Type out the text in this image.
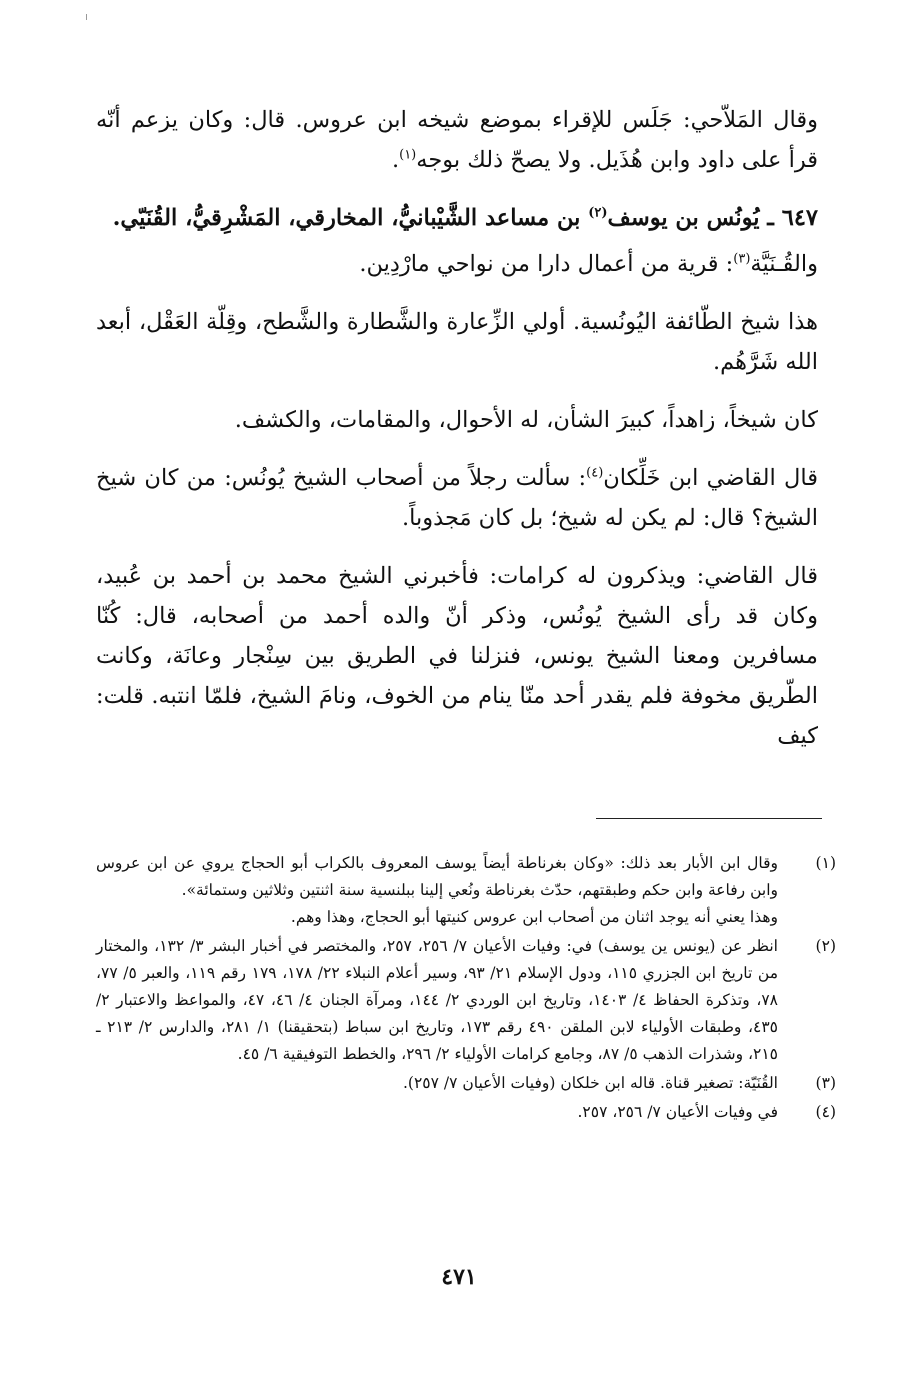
وقال المَلاّحي: جَلَس للإقراء بموضع شيخه ابن عروس. قال: وكان يزعم أنّه قرأ على داود وابن هُذَيل. ولا يصحّ ذلك بوجه$^{(١)}$.

٦٤٧ ـ يُونُس بن يوسف$^{(٢)}$ بن مساعد الشَّيْبانيُّ، المخارقي، المَشْرِقيُّ، القُنَيّي.

والقُـنَيَّة$^{(٣)}$: قرية من أعمال دارا من نواحي مارْدِين.

هذا شيخ الطّائفة اليُونُسية. أولي الزِّعارة والشَّطارة والشَّطح، وقِلّة العَقْل، أبعد الله شَرَّهُم.

كان شيخاً، زاهداً، كبيرَ الشأن، له الأحوال، والمقامات، والكشف.

قال القاضي ابن خَلِّكان$^{(٤)}$: سألت رجلاً من أصحاب الشيخ يُونُس: من كان شيخ الشيخ؟ قال: لم يكن له شيخ؛ بل كان مَجذوباً.

قال القاضي: ويذكرون له كرامات: فأخبرني الشيخ محمد بن أحمد بن عُبيد، وكان قد رأى الشيخ يُونُس، وذكر أنّ والده أحمد من أصحابه، قال: كُنّا مسافرين ومعنا الشيخ يونس، فنزلنا في الطريق بين سِنْجار وعانَة، وكانت الطّريق مخوفة فلم يقدر أحد منّا ينام من الخوف، ونامَ الشيخ، فلمّا انتبه. قلت: كيف

(١)

وقال ابن الأبار بعد ذلك: «وكان بغرناطة أيضاً يوسف المعروف بالكراب أبو الحجاج يروي عن ابن عروس وابن رفاعة وابن حكم وطبقتهم، حدّث بغرناطة ونُعي إلينا ببلنسية سنة اثنتين وثلاثين وستمائة».

وهذا يعني أنه يوجد اثنان من أصحاب ابن عروس كنيتها أبو الحجاج، وهذا وهم.

(٢)

انظر عن (يونس ين يوسف) في: وفيات الأعيان ٧/ ٢٥٦، ٢٥٧، والمختصر في أخبار البشر ٣/ ١٣٢، والمختار من تاريخ ابن الجزري ١١٥، ودول الإسلام ٢١/ ٩٣، وسير أعلام النبلاء ٢٢/ ١٧٨، ١٧٩ رقم ١١٩، والعبر ٥/ ٧٧، ٧٨، وتذكرة الحفاظ ٤/ ١٤٠٣، وتاريخ ابن الوردي ٢/ ١٤٤، ومرآة الجنان ٤/ ٤٦، ٤٧، والمواعظ والاعتبار ٢/ ٤٣٥، وطبقات الأولياء لابن الملقن ٤٩٠ رقم ١٧٣، وتاريخ ابن سباط (بتحقيقنا) ١/ ٢٨١، والدارس ٢/ ٢١٣ ـ ٢١٥، وشذرات الذهب ٥/ ٨٧، وجامع كرامات الأولياء ٢/ ٢٩٦، والخطط التوفيقية ٦/ ٤٥.

(٣)

القُنَيّة: تصغير قناة. قاله ابن خلكان (وفيات الأعيان ٧/ ٢٥٧).

(٤)

في وفيات الأعيان ٧/ ٢٥٦، ٢٥٧.

٤٧١
